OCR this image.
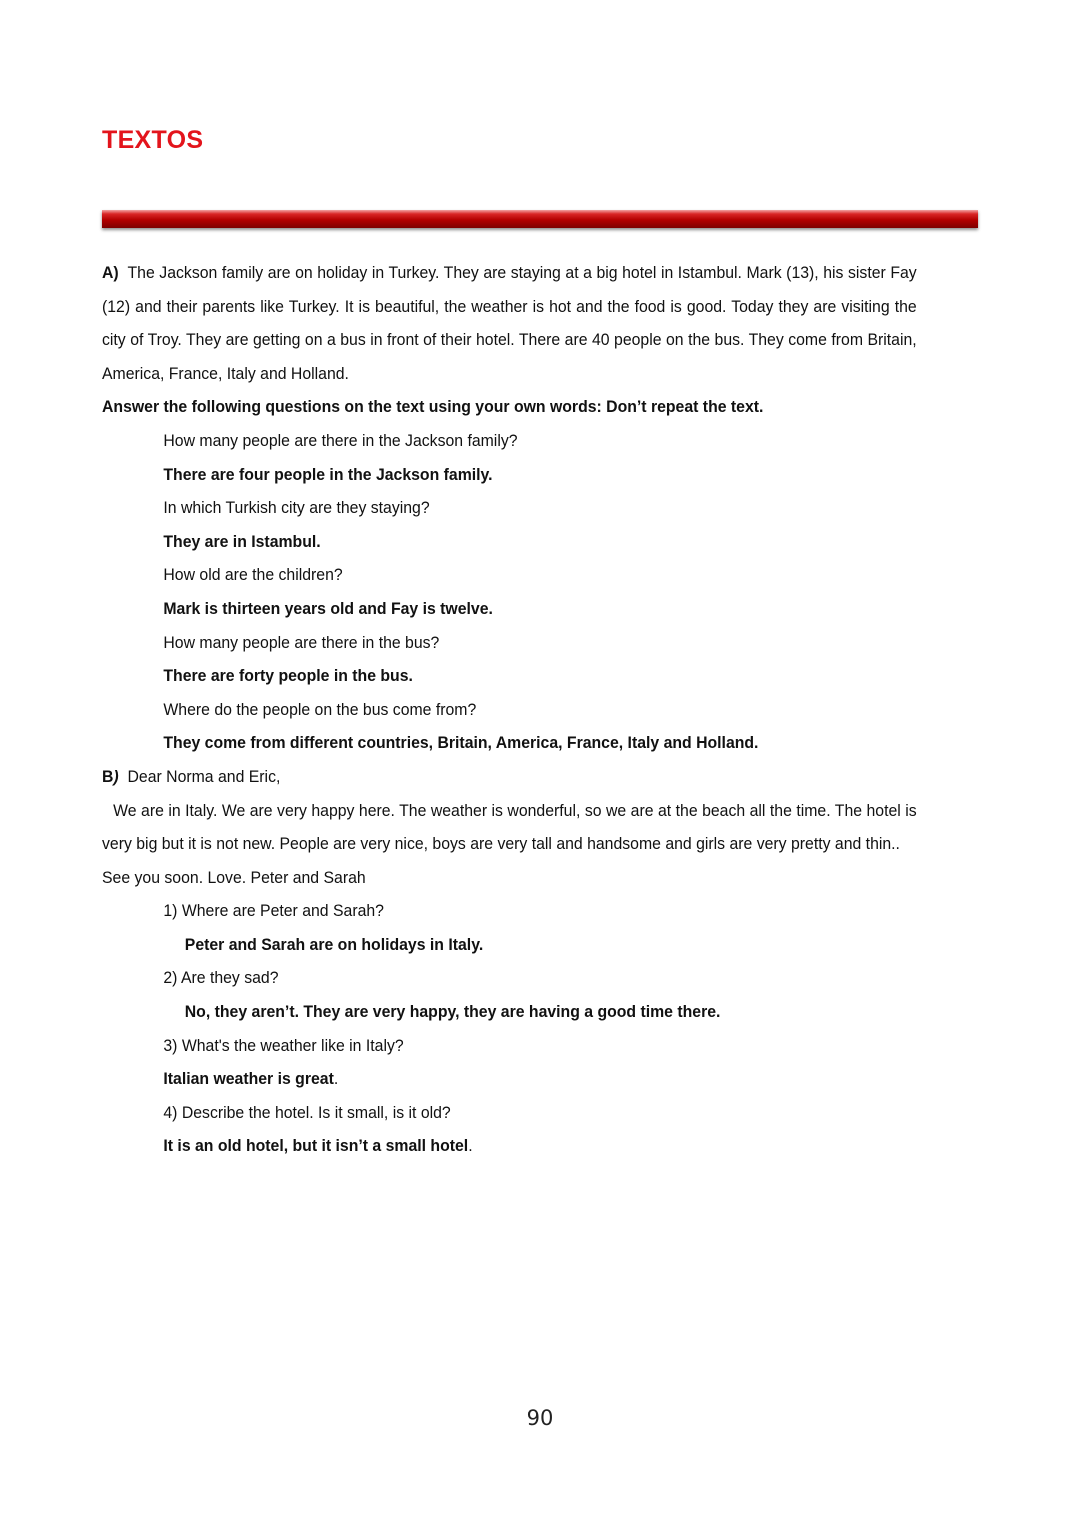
TEXTOS

A) The Jackson family are on holiday in Turkey. They are staying at a big hotel in Istambul. Mark (13), his sister Fay (12) and their parents like Turkey. It is beautiful, the weather is hot and the food is good. Today they are visiting the city of Troy. They are getting on a bus in front of their hotel. There are 40 people on the bus. They come from Britain, America, France, Italy and Holland.

Answer the following questions on the text using your own words: Don’t repeat the text.

How many people are there in the Jackson family?

There are four people in the Jackson family.

In which Turkish city are they staying?

They are in Istambul.

How old are the children?

Mark is thirteen years old and Fay is twelve.

How many people are there in the bus?

There are forty people in the bus.

Where do the people on the bus come from?

They come from different countries, Britain, America, France, Italy and Holland.

B) Dear Norma and Eric,

We are in Italy. We are very happy here. The weather is wonderful, so we are at the beach all the time. The hotel is very big but it is not new. People are very nice, boys are very tall and handsome and girls are very pretty and thin..

See you soon. Love. Peter and Sarah

1) Where are Peter and Sarah?

Peter and Sarah are on holidays in Italy.

2) Are they sad?

No, they aren’t. They are very happy, they are having a good time there.

3) What's the weather like in Italy?

Italian weather is great.

4) Describe the hotel. Is it small, is it old?

It is an old hotel, but it isn’t a small hotel.

90
